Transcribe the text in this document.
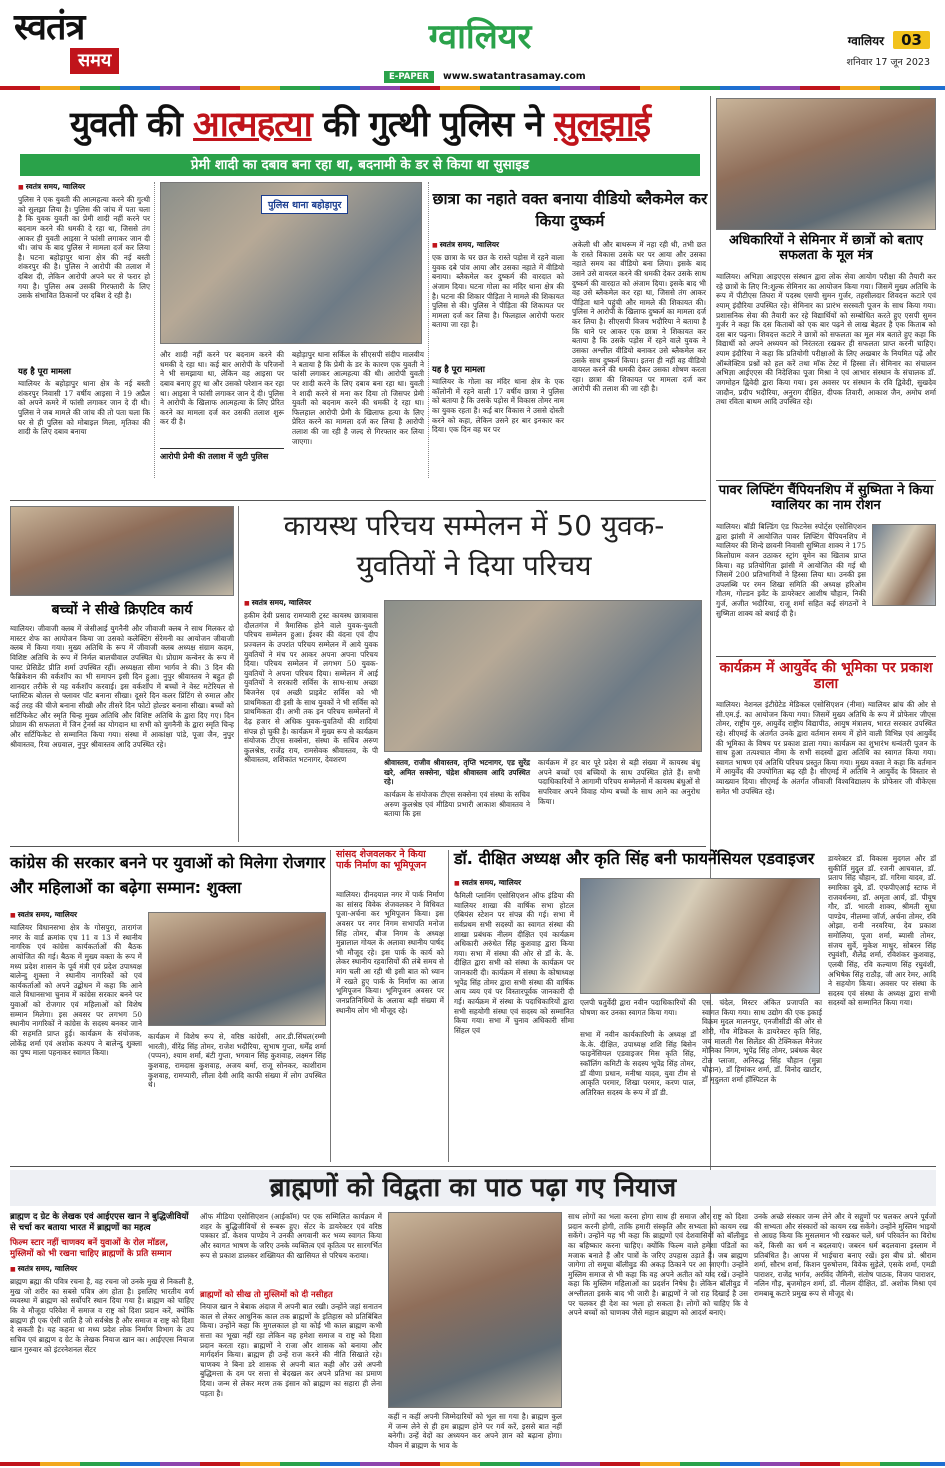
स्वतंत्र
समय
ग्वालियर
E-PAPER www.swatantrasamay.com
ग्वालियर 03
शनिवार 17 जून 2023
युवती की आत्महत्या की गुत्थी पुलिस ने सुलझाई
प्रेमी शादी का दबाव बना रहा था, बदनामी के डर से किया था सुसाइड
■ स्वतंत्र समय, ग्वालियर
पुलिस ने एक युवती की आत्महत्या करने की गुत्थी को सुलझा लिया है। पुलिस की जांच में पता चला है कि युवक युवती का प्रेमी शादी नहीं करने पर बदनाम करने की धमकी दे रहा था, जिससे तंग आकर ही युवती आइसा ने फांसी लगाकर जान दी थी। जांच के बाद पुलिस ने मामला दर्ज कर लिया है। घटना बहोड़ापुर थाना क्षेत्र की नई बस्ती शंकरपुर की है। पुलिस ने आरोपी की तलाश में दबिश दी, लेकिन आरोपी अपने घर से फरार हो गया है। पुलिस अब उसकी गिरफ्तारी के लिए उसके संभावित ठिकानों पर दबिश दे रही है।
यह है पूरा मामला
ग्वालियर के बहोड़ापुर थाना क्षेत्र के नई बस्ती शंकरपुर निवासी 17 वर्षीय आइसा ने 19 अप्रैल को अपने कमरे में फांसी लगाकर जान दे दी थी। पुलिस ने जब मामले की जांच की तो पता चला कि घर से ही पुलिस को मोबाइल मिला, मृतिका की शादी के लिए दबाव बनाया
पुलिस थाना बहोड़ापुर
और शादी नहीं करने पर बदनाम करने की धमकी दे रहा था। कई बार आरोपी के परिजनों ने भी समझाया था, लेकिन वह आइसा पर दबाव बनाए हुए था और उसको परेशान कर रहा था। आइसा ने फांसी लगाकर जान दे दी। पुलिस ने आरोपी के खिलाफ आत्महत्या के लिए प्रेरित करने का मामला दर्ज कर उसकी तलाश शुरू कर दी है।
आरोपी प्रेमी की तलाश में जुटी पुलिस
बहोड़ापुर थाना सर्किल के सीएसपी संदीप मालवीय ने बताया है कि प्रेमी के डर के कारण एक युवती ने फांसी लगाकर आत्महत्या की थी। आरोपी युवती पर शादी करने के लिए दबाव बना रहा था। युवती ने शादी करने से मना कर दिया तो जिसपर प्रेमी युवती को बदनाम करने की धमकी दे रहा था। फिलहाल आरोपी प्रेमी के खिलाफ हत्या के लिए प्रेरित करने का मामला दर्ज कर लिया है आरोपी तलाश की जा रही है जल्द से गिरफ्तार कर लिया जाएगा।
छात्रा का नहाते वक्त बनाया वीडियो ब्लैकमेल कर किया दुष्कर्म
■ स्वतंत्र समय, ग्वालियर
एक छात्रा के घर छत के रास्ते पड़ोस में रहने वाला युवक दबे पांव आया और उसका नहाते में वीडियो बनाया। ब्लैकमेल कर दुष्कर्म की वारदात को अंजाम दिया। घटना गोला का मंदिर थाना क्षेत्र की है। घटना की शिकार पीड़िता ने मामले की शिकायत पुलिस से की। पुलिस ने पीड़िता की शिकायत पर मामला दर्ज कर लिया है। फिलहाल आरोपी फरार बताया जा रहा है।
यह है पूरा मामला
ग्वालियर के गोला का मंदिर थाना क्षेत्र के एक कॉलोनी में रहने वाली 17 वर्षीय छात्रा ने पुलिस को बताया है कि उसके पड़ोस में विकास तोमर नाम का युवक रहता है। कई बार विकास ने उससे दोस्ती करने को कहा, लेकिन उसने हर बार इनकार कर दिया। एक दिन वह घर पर
अकेली थी और बाथरूम में नहा रही थी, तभी छत के रास्ते विकास उसके घर पर आया और उसका नहाते समय का वीडियो बना लिया। इसके बाद उसने उसे वायरल करने की धमकी देकर उसके साथ दुष्कर्म की वारदात को अंजाम दिया। इसके बाद भी वह उसे ब्लैकमेल कर रहा था, जिससे तंग आकर पीड़िता थाने पहुंची और मामले की शिकायत की। पुलिस ने आरोपी के खिलाफ दुष्कर्म का मामला दर्ज कर लिया है। सीएसपी विजय भदौरिया ने बताया है कि थाने पर आकर एक छात्रा ने शिकायत कर बताया है कि उसके पड़ोस में रहने वाले युवक ने उसका अश्लील वीडियो बनाकर उसे ब्लैकमेल कर उसके साथ दुष्कर्म किया। इतना ही नहीं वह वीडियो वायरल करने की धमकी देकर उसका शोषण करता रहा। छात्रा की शिकायत पर मामला दर्ज कर आरोपी की तलाश की जा रही है।
अधिकारियों ने सेमिनार में छात्रों को बताए सफलता के मूल मंत्र
ग्वालियर। अभिज्ञा आइएएस संस्थान द्वारा लोक सेवा आयोग परीक्षा की तैयारी कर रहे छात्रों के लिए नि:शुल्क सेमिनार का आयोजन किया गया। जिसमें मुख्य अतिथि के रूप में पीटीएस तिघरा में पदस्थ एसपी सुमन गुर्जर, तहसीलदार शिवदत्त कटारे एवं श्याम् इंदौरिया उपस्थित रहे। सेमिनार का प्रारंभ सरस्वती पूजन के साथ किया गया। प्रशासनिक सेवा की तैयारी कर रहे विद्यार्थियों को सम्बोधित करते हुए एसपी सुमन गुर्जर ने कहा कि दस किताबों को एक बार पढ़ने से लाख बेहतर है एक किताब को दस बार पढ़ना। शिवदत्त कटारे ने छात्रों को सफलता का मूल मंत्र बताते हुए कहा कि विद्यार्थी को अपने अध्ययन को निरंतरता रखकर ही सफलता प्राप्त करनी चाहिए। श्याम इंदौरिया ने कहा कि प्रतियोगी परीक्षाओं के लिए अखबार के नियमित पढ़ें और ऑब्जेक्टिव प्रश्नों को हल करें तथा मॉक टेस्ट में हिस्सा लें। सेमिनार का संचालन अभिज्ञा आईएएस की निदेशिका पूजा मिश्रा ने एवं आभार संस्थान के संचालक डॉ. जगमोहन द्विवेदी द्वारा किया गया। इस अवसर पर संस्थान के रवि द्विवेदी, सुखदेव जादौन, प्रदीप भदौरिया, अनुराग दीक्षित, दीपक तिवारी, आकाश जैन, अमोघ शर्मा तथा रविता बाथम आदि उपस्थित रहे।
पावर लिफ्टिंग चैंपियनशिप में सुष्मिता ने किया ग्वालियर का नाम रोशन
ग्वालियर। बॉडी बिल्डिंग एंड फिटनेस स्पोर्ट्स एसोसिएशन द्वारा झांसी में आयोजित पावर लिफ्टिंग चैंपियनशिप में ग्वालियर की शिन्दे छावनी निवासी सुष्मिता शाक्य ने 175 किलोग्राम वजन उठाकर स्ट्रांग वूमेन का खिताब प्राप्त किया। वह प्रतियोगिता झांसी में आयोजित की गई थी जिसमें 200 प्रतिभागियों ने हिस्सा लिया था। उनकी इस उपलब्धि पर रमन शिखा समिति की अध्यक्ष हरिओम गौतम, गोल्डन इवेंट के डायरेक्टर आशीष चौहान, निकी गुर्ज, अजीत भदौरिया, राजू शर्मा सहित कई संगठनों ने सुष्मिता शाक्य को बधाई दी है।
कार्यक्रम में आयुर्वेद की भूमिका पर प्रकाश डाला
ग्वालियर। नेशनल इंटीग्रेटेड मेडिकल एसोसिएशन (नीमा) ग्वालियर ब्रांच की ओर से सी.एम.ई. का आयोजन किया गया। जिसमें मुख्य अतिथि के रूप में प्रोफेसर जीएस तोमर, राष्ट्रीय गुरु, आयुर्वेद राष्ट्रीय विद्यापीठ, आयुष मंत्रालय, भारत सरकार उपस्थित रहे। सीएमई के अंतर्गत उनके द्वारा वर्तमान समय में होने वाली विभिन्न एवं आयुर्वेद की भूमिका के विषय पर प्रकाश डाला गया। कार्यक्रम का शुभारंभ धन्वंतरी पूजन के साथ हुआ तत्पश्चात नीमा के सभी सदस्यों द्वारा अतिथि का स्वागत किया गया। स्वागत भाषण एवं अतिथि परिचय प्रस्तुत किया गया। मुख्य वक्ता ने कहा कि वर्तमान में आयुर्वेद की उपयोगिता बढ़ रही है। सीएमई में अतिथि ने आयुर्वेद के विस्तार से व्याख्यान दिया। सीएमई के अंतर्गत जीवाजी विश्वविद्यालय के प्रोफेसर जी वीकेएस समेत भी उपस्थित रहे।
बच्चों ने सीखे क्रिएटिव कार्य
ग्वालियर। जीवाजी क्लब में जेसीआई युगनैनी और जीवाजी क्लब ने साथ मिलकर दो मास्टर शेफ का आयोजन किया जा उसको कलेक्टिंग सेरेमनी का आयोजन जीवाजी क्लब में किया गया। मुख्य अतिथि के रूप में जीवाजी क्लब अध्यक्ष संग्राम कदम, विशिष्ट अतिथि के रूप में निर्मल बालचीवाल उपस्थित थे। प्रोग्राम कन्वेनर के रूप में पास्ट प्रेसिडेंट प्रीति शर्मा उपस्थित रहीं। अध्यक्षता सीमा भार्गव ने की। 3 दिन की फैब्रिकेशन की वर्कशॉप का भी समापन इसी दिन हुआ। नुपुर श्रीवास्तव ने बहुत ही शानदार तरीके से यह वर्कशॉप करवाई। इस वर्कशॉप में बच्चों ने वेस्ट मटेरियल से प्लास्टिक बोतल से फ्लावर पॉट बनाना सीखा। दूसरे दिन कलर प्रिंटिंग से रुमाल और कई तरह की चीजे बनाना सीखी और तीसरे दिन फोटो होल्डर बनाना सीखा। बच्चों को सर्टिफिकेट और स्मृति चिन्ह मुख्य अतिथि और विशिष्ट अतिथि के द्वारा दिए गए। दिन प्रोग्राम की सफलता में जिन ट्रेनर्स का योगदान था सभी को युगनैनी के द्वारा स्मृति चिन्ह और सर्टिफिकेट से सम्मानित किया गया। संस्था में आकांक्षा पांडे, पूजा जैन, नुपुर श्रीवास्तव, रिया अग्रवाल, नुपुर श्रीवास्तव आदि उपस्थित रहे।
कायस्थ परिचय सम्मेलन में 50 युवक-युवतियों ने दिया परिचय
■ स्वतंत्र समय, ग्वालियर
हकीम देवी प्रसाद रामप्यारी ट्रस्ट कायस्थ छात्रावास दौलतगंज में त्रैमासिक होने वाले युवक-युवती परिचय सम्मेलन हुआ। ईश्वर की वंदना एवं दीप प्रज्वलन के उपरांत परिचय सम्मेलन में आये युवक युवतियों ने मंच पर आकर अपना अपना परिचय दिया। परिचय सम्मेलन में लगभग 50 युवक-युवतियों ने अपना परिचय दिया। सम्मेलन में आई युवतियों ने सरकारी सर्विस के साथ-साथ अच्छा बिजनेस एवं अच्छी प्राइवेट सर्विस को भी प्राथमिकता दी इसी के साथ युवकों ने भी सर्विस को प्राथमिकता दी। अभी तक इन परिचय सम्मेलनों में देढ़ हजार से अधिक युवक-युवतियों की शादियां संपन्न हो चुकी है। कार्यक्रम में मुख्य रूप से कार्यक्रम संयोजक टीएस सक्सेना, संस्था के सचिव अरुण कुलश्रेष्ठ, राजेंद्र राय, रामसेवक श्रीवास्तव, के पी श्रीवास्तव, शशिकांत भटनागर, देवशरण	श्रीवास्तव, राजीव श्रीवास्तव, तृप्ति भटनागर, एड सुरेंद्र खरे, अमित सक्सेना, चंद्रेश श्रीवास्तव आदि उपस्थित रहे।
कार्यक्रम के संयोजक टीएस सक्सेना एवं संस्था के सचिव अरुण कुलश्रेष्ठ एवं मीडिया प्रभारी आकाश श्रीवास्तव ने बताया कि इस
कार्यक्रम में हर बार पूरे प्रदेश से बड़ी संख्या में कायस्थ बंधु अपने बच्चों एवं बच्चियों के साथ उपस्थित होते हैं। सभी पदाधिकारियों ने आगामी परिचय सम्मेलनों में कायस्थ बंधुओं से सपरिवार अपने विवाह योग्य बच्चों के साथ आने का अनुरोध किया।
कांग्रेस की सरकार बनने पर युवाओं को मिलेगा रोजगार और महिलाओं का बढ़ेगा सम्मान: शुक्ला
■ स्वतंत्र समय, ग्वालियर
ग्वालियर विधानसभा क्षेत्र के गोसपुरा, तारागंज नगर के वार्ड क्रमांक एच 11 व 13 में स्थानीय नागरिक एवं कांग्रेस कार्यकर्ताओं की बैठक आयोजित की गई। बैठक में मुख्य वक्ता के रूप में मध्य प्रदेश शासन के पूर्व मंत्री एवं प्रदेश उपाध्यक्ष बालेन्दु शुक्ला ने स्थानीय नागरिकों को एवं कार्यकर्ताओं को अपने उद्बोधन में कहा कि आने वाले विधानसभा चुनाव में कांग्रेस सरकार बनने पर युवाओं को रोजगार एवं महिलाओं को विशेष सम्मान मिलेगा। इस अवसर पर लगभग 50 स्थानीय नागरिकों ने कांग्रेस के सदस्य बनकर जाने की सहमति प्राप्त हुई। कार्यक्रम के संयोजक, लोकेंद्र शर्मा एवं अशोक कश्यप ने बालेन्दु शुक्ला का पुष्प माला पहनाकर स्वागत किया।
कार्यक्रम में विशेष रूप से, वरिष्ठ कांग्रेसी, आर.डी.सिंघल(रम्मी भारती), वीरेंद्र सिंह तोमर, राजेश भदौरिया, सुभाष गुप्ता, धर्मेंद्र शर्मा (पप्पन), श्याम शर्मा, बंटी गुप्ता, भगवान सिंह कुशवाह, लक्ष्मन सिंह कुशवाह, रामदास कुशवाह, अजय बर्मा, राजू सोनकर, काशीराम कुशवाह, रामप्यारी, लीला देवी आदि काफी संख्या में लोग उपस्थित थे।
सांसद शेजवलकर ने किया पार्क निर्माण का भूमिपूजन
ग्वालियर। दीनदयाल नगर में पार्क निर्माण का सांसद विवेक शेजवलकर ने विधिवत पूजा-अर्चना कर भूमिपूजन किया। इस अवसर पर नगर निगम सभापति मनोज सिंह तोमर, बीज निगम के अध्यक्ष मुन्नालाल गोयल के अलावा स्थानीय पार्षद भी मौजूद रहे। इस पार्क के कार्य को लेकर स्थानीय रहवासियों की लंबे समय से मांग चली आ रही थी इसी बात को ध्यान में रखते हुए पार्क के निर्माण का आज भूमिपूजन किया। भूमिपूजन अवसर पर जनप्रतिनिधियों के अलावा बड़ी संख्या में स्थानीय लोग भी मौजूद रहे।
डॉ. दीक्षित अध्यक्ष और कृति सिंह बनी फायनेंसियल एडवाइजर
■ स्वतंत्र समय, ग्वालियर
फैमिली प्लानिंग एसोसिएशन ऑफ इंडिया की ग्वालियर शाखा की वार्षिक सभा होटल एंबियंस स्टेशन पर संपन्न की गई। सभा में सर्वप्रथम सभी सदस्यों का स्वागत संस्था की शाखा प्रबंधक नीलम दीक्षित एवं कार्यक्रम अधिकारी अरुंधेत सिंह कुशवाह द्वारा किया गया। सभा में संस्था की ओर से डॉ के. के. दीक्षित द्वारा सभी को संस्था के कार्यक्रम पर जानकारी दी। कार्यक्रम में संस्था के कोषाध्यक्ष भूपेंद्र सिंह तोमर द्वारा सभी संस्था की वार्षिक आय व्यय एवं पर विस्तारपूर्वक जानकारी दी गई। कार्यक्रम में संस्था के पदाधिकारियों द्वारा सभी सहयोगी संस्था एवं सदस्य को सम्मानित किया गया। सभा में चुनाव अधिकारी सीमा सिंहल एवं
एलपी चतुर्वेदी द्वारा नवीन पदाधिकारियों की घोषणा कर उनका स्वागत किया गया।
सभा में नवीन कार्यकारिणी के अध्यक्ष डॉ के.के. दीक्षित, उपाध्यक्ष शशि सिंह बिसेन फाइनेंसियल एडवाइजर मिस कृति सिंह, स्कॉलिंग कमिटी के सदस्य भूपेंद्र सिंह तोमर, डॉ वीणा प्रधान, मनीषा यादव, युवा टीम से आकृति परमार, शिखा परमार, करण पाल, अतिरिक्त सदस्य के रूप में डॉ डी.
एस. चंदेल, मिस्टर अंकित प्रजापति का स्वागत किया गया। साथ उद्योग की एक इकाई विक्रम मुदल मालनपुर, एनजीसीडी की ओर से शोरी, गौव मेडिकल के डायरेक्टर कृति सिंह, जय मालती गैस सिलेंडर की टेक्निकल मैनेजर मोनिका निगम, भूपेंद्र सिंह तोमर, प्रबंधक बेदर टोल प्लाजा, अनिरुद्ध सिंह चौहान (मुन्ना चौहान), डॉ हिमांकर शर्मा, डॉ. विनोद खाटोर, डॉ मृदुलता शर्मा हॉस्पिटल के
डायरेक्टर डॉ. विकास मुदगल और डॉ सुकीर्ति मुदुल डॉ. रजनी आचवाल, डॉ. प्रताप सिंह चौहान, डॉ. गरिमा यादव, डॉ. स्मारिका दुबे, डॉ. एफपीएआई स्टाफ में राजवर्धनमा, डॉ. अमृता आर्य, डॉ. पीयूष गौर, डॉ. भारती शाक्य, श्रीमती सुधा पाण्डेय, नीलम्मा जॉर्ज, अर्चना तोमर, रवि ओझा, रानी नरवरिया, देव प्रकाश समोलिया, पूजा शर्मा, ब्यासी तोमर, संजय सुर्वे, मुकेश माथुर, सोबरन सिंह रघुवंशी, शैलेंद्र शर्मा, रविशंकर कुशवाह, एलबी सिंह, रवि कल्याण सिंह रघुवंशी, अभिषेक सिंह राठौड़, जी आर रेमर, आदि ने सहयोग किया। अवसर पर संस्था के सदस्य एवं संस्था के अध्यक्ष द्वारा सभी सदस्यों को सम्मानित किया गया।
ब्राह्मणों को विद्वता का पाठ पढ़ा गए नियाज
ब्राह्मण द ग्रेट के लेखक एवं आईएएस खान ने बुद्धिजीवियों से चर्चा कर बताया भारत में ब्राह्मणों का महत्व
फिल्म स्टार नहीं चाणक्य बनें युवाओं के रोल मॉडल, मुस्लिमों को भी रखना चाहिए ब्राह्मणों के प्रति सम्मान
■ स्वतंत्र समय, ग्वालियर
ब्राह्मण ब्रह्मा की पवित्र रचना है, वह रचना जो उनके मुख से निकली है, मुख जो शरीर का सबसे पवित्र अंग होता है। इसलिए भारतीय वर्ण व्यवस्था में ब्राह्मण को सर्वोपरि स्थान दिया गया है। ब्राह्मण को चाहिए कि वे मौजूदा परिवेश में समाज व राष्ट्र को दिशा प्रदान करें, क्योंकि ब्राह्मण ही एक ऐसी जाति है जो सर्वश्रेष्ठ है और समाज व राष्ट्र को दिशा दे सकती है। यह कहना था मध्य प्रदेश लोक निर्माण विभाग के उप सचिव एवं ब्राह्मण द ग्रेट के लेखक नियाज खान का। आईएएस नियाज खान गुरुवार को इंटरनेशनल सेंटर
ऑफ मीडिया एसोसिएशन (आईकॉम) पर एक सम्मिलित कार्यक्रम में शहर के बुद्धिजीवियों से रूबरू हुए। सेंटर के डायरेक्टर एवं वरिष्ठ पत्रकार डॉ. केशव पाण्डेय ने उनकी अगवानी कर भव्य स्वागत किया और स्वागत भाषण के जरिए उनके व्यक्तित्व एवं कृतित्व पर सारगर्भित रूप से प्रकाश डालकर शख्सियत की खासियत से परिचय कराया।
ब्राह्मणों को सीख तो मुस्लिमों को दी नसीहत
नियाज खान ने बेबाक अंदाज में अपनी बात रखी। उन्होंने जहां सनातन काल से लेकर आधुनिक काल तक ब्राह्मणों के इतिहास को प्रतिबिंबित किया। उन्होंने कहा कि मुगलकाल हो या कोई भी काल ब्राह्मण कभी सत्ता का भूखा नहीं रहा लेकिन वह हमेशा समाज व राष्ट्र को दिशा प्रदान करता रहा। ब्राह्मणों ने राजा और शासक को बनाया और मार्गदर्शन किया। ब्राह्मण ही उन्हें राज करने की नीति सिखाते रहे। चाणक्य ने बिना डरे शासक से अपनी बात कही और उसे अपनी बुद्धिमत्ता के दम पर सत्ता से बेदखल कर अपने प्रतिभा का प्रमाण दिया। जन्म से लेकर मरण तक इंसान को ब्राह्मण का सहारा ही लेना पड़ता है।
कहीं न कहीं अपनी जिम्मेदारियों को भूल सा गया है। ब्राह्मण कुल में जन्म लेने से ही हम ब्राह्मण होने पर गर्व करें, इससे बात नहीं बनेगी। उन्हें वेदों का अध्ययन कर अपने ज्ञान को बढ़ाना होगा। यौवन में ब्राह्मण के भाव के
साथ लोगों का भला करना होगा साथ ही समाज और राष्ट्र को दिशा प्रदान करनी होगी, ताकि हमारी संस्कृति और सभ्यता को कायम रख सकेंगे। उन्होंने यह भी कहा कि ब्राह्मणों एवं देशवासियों को बॉलीवुड का बहिष्कार करना चाहिए। क्योंकि फिल्म वाले हमेशा पंडितों का मजाक बनाते हैं और पात्रों के जरिए उपहास उड़ाते हैं। जब ब्राह्मण जागेगा तो समूचा बॉलीवुड की अकड़ ठिकाने पर आ जाएगी। उन्होंने मुस्लिम समाज से भी कहा कि वह अपने अतीत को याद रखें। उन्होंने कहा कि मुस्लिम महिलाओं का प्रदर्शन निषेध है। लेकिन बॉलीवुड में अश्लीलता इसके बाद भी जारी है। ब्राह्मणों ने जो राह दिखाई है उस पर चलकर ही देश का भला हो सकता है। लोगों को चाहिए कि वे अपने बच्चों को चाणक्य जैसे महान ब्राह्मण को आदर्श बनाएं।
उनके अच्छे संस्कार जन्म लेने और वे सद्गुणों पर चलकर अपने पूर्वजों की सभ्यता और संस्कारों को कायम रख सकेंगे। उन्होंने मुस्लिम भाइयों से आग्रह किया कि मुसलमान भी रखकर चलें, धर्म परिवर्तन का विरोध करें, किसी का धर्म न बदलवाएं। जबरन धर्म बदलवाना इस्लाम में प्रतिबंधित है। आपस में भाईचारा बनाए रखें। इस बीच प्रो. श्रीराम शर्मा, सौरभ शर्मा, किशन पुरुषोत्तम, विवेक सुड़ेले, एसके शर्मा, एमडी पाराशर, राजेंद्र भार्गव, अरविंद जैमिनी, संतोष पाठक, विजय पाराशर, नलिन गौड़, बृजमोहन शर्मा, डॉ. नीलम दीक्षित, डॉ. अशोक मिश्रा एवं रामबाबू कटारे प्रमुख रूप से मौजूद थे।
